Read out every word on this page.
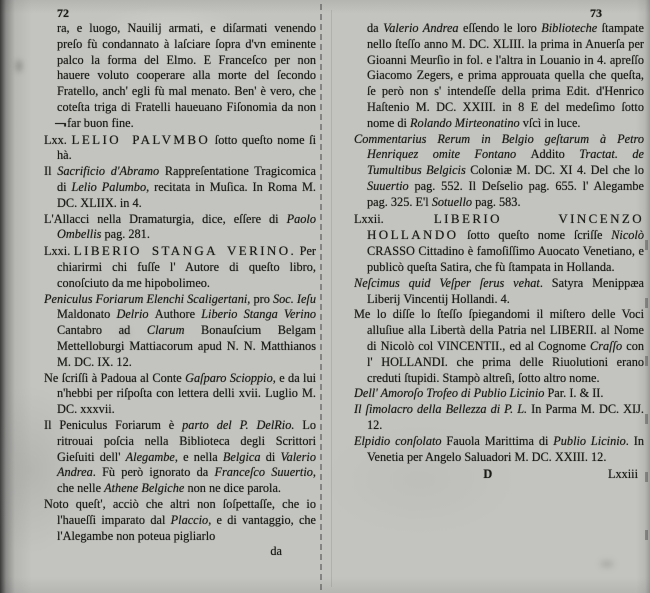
72
ra, e luogo, Nauilij armati, e diſarmati venendo preſo fù condannato à laſciare ſopra d'vn eminente palco la forma del Elmo. E Franceſco per non hauere voluto cooperare alla morte del ſecondo Fratello, anch' egli fù mal menato. Ben' è vero, che coteſta triga di Fratelli haueuano Fiſonomia da non ¬ far buon fine.
Lxx. LELIO PALVMBO ſotto queſto nome ſi hà.
Il Sacrificio d'Abramo Rappreſentatione Tragicomica di Lelio Palumbo, recitata in Muſica. In Roma M. DC. XLIIX. in 4.
L'Allacci nella Dramaturgia, dice, eſſere di Paolo Ombellis pag. 281.
Lxxi. LIBERIO STANGA VERINO. Per chiarirmi chi fuſſe l' Autore di queſto libro, conoſciuto da me hipobolimeo.
Peniculus Foriarum Elenchi Scaligertani, pro Soc. Ieſu Maldonato Delrio Authore Liberio Stanga Verino Cantabro ad Clarum Bonauſcium Belgam Mettelloburgi Mattiacorum apud N. N. Matthianos M. DC. IX. 12.
Ne ſcriſſi à Padoua al Conte Gaſparo Scioppio, e da lui n'hebbi per riſpoſta con lettera delli xvii. Luglio M. DC. xxxvii.
Il Peniculus Foriarum è parto del P. DelRio. Lo ritrouai poſcia nella Biblioteca degli Scrittori Gieſuiti dell' Alegambe, e nella Belgica di Valerio Andrea. Fù però ignorato da Franceſco Suuertio, che nelle Athene Belgiche non ne dice parola.
Noto queſt', acciò che altri non ſoſpettaſſe, che io l'haueſſi imparato dal Placcio, e di vantaggio, che l'Alegambe non poteua pigliarlo
da
73
da Valerio Andrea eſſendo le loro Biblioteche ſtampate nello ſteſſo anno M. DC. XLIII. la prima in Anuerſa per Gioanni Meurſio in fol. e l'altra in Louanio in 4. apreſſo Giacomo Zegers, e prima approuata quella che queſta, ſe però non s' intendeſſe della prima Edit. d'Henrico Haſtenio M. DC. XXIII. in 8 E del medeſimo ſotto nome di Rolando Mirteonatino vſcì in luce.
Commentarius Rerum in Belgio geſtarum à Petro Henriquez omite Fontano Addito Tractat. de Tumultibus Belgicis Coloniæ M. DC. XI 4. Del che lo Suuertio pag. 552. Il Deſselio pag. 655. l' Alegambe pag. 325. E'l Sotuello pag. 583.
Lxxii. LIBERIO VINCENZO HOLLANDO ſotto queſto nome ſcriſſe Nicolò CRASSO Cittadino è famoſiſſimo Auocato Venetiano, e publicò queſta Satira, che fù ſtampata in Hollanda.
Neſcimus quid Veſper ſerus vehat. Satyra Menippæa Liberij Vincentij Hollandi. 4.
Me lo diſſe lo ſteſſo ſpiegandomi il miſtero delle Voci alluſiue alla Libertà della Patria nel LIBERII. al Nome di Nicolò col VINCENTII., ed al Cognome Craſſo con l' HOLLANDI. che prima delle Riuolutioni erano creduti ſtupidi. Stampò altreſì, ſotto altro nome.
Dell' Amoroſo Trofeo di Publio Licinio Par. I. & II.
Il ſimolacro della Bellezza di P. L. In Parma M. DC. XIJ. 12.
Elpidio conſolato Fauola Marittima di Publio Licinio. In Venetia per Angelo Saluadori M. DC. XXIII. 12.
D	Lxxiii
